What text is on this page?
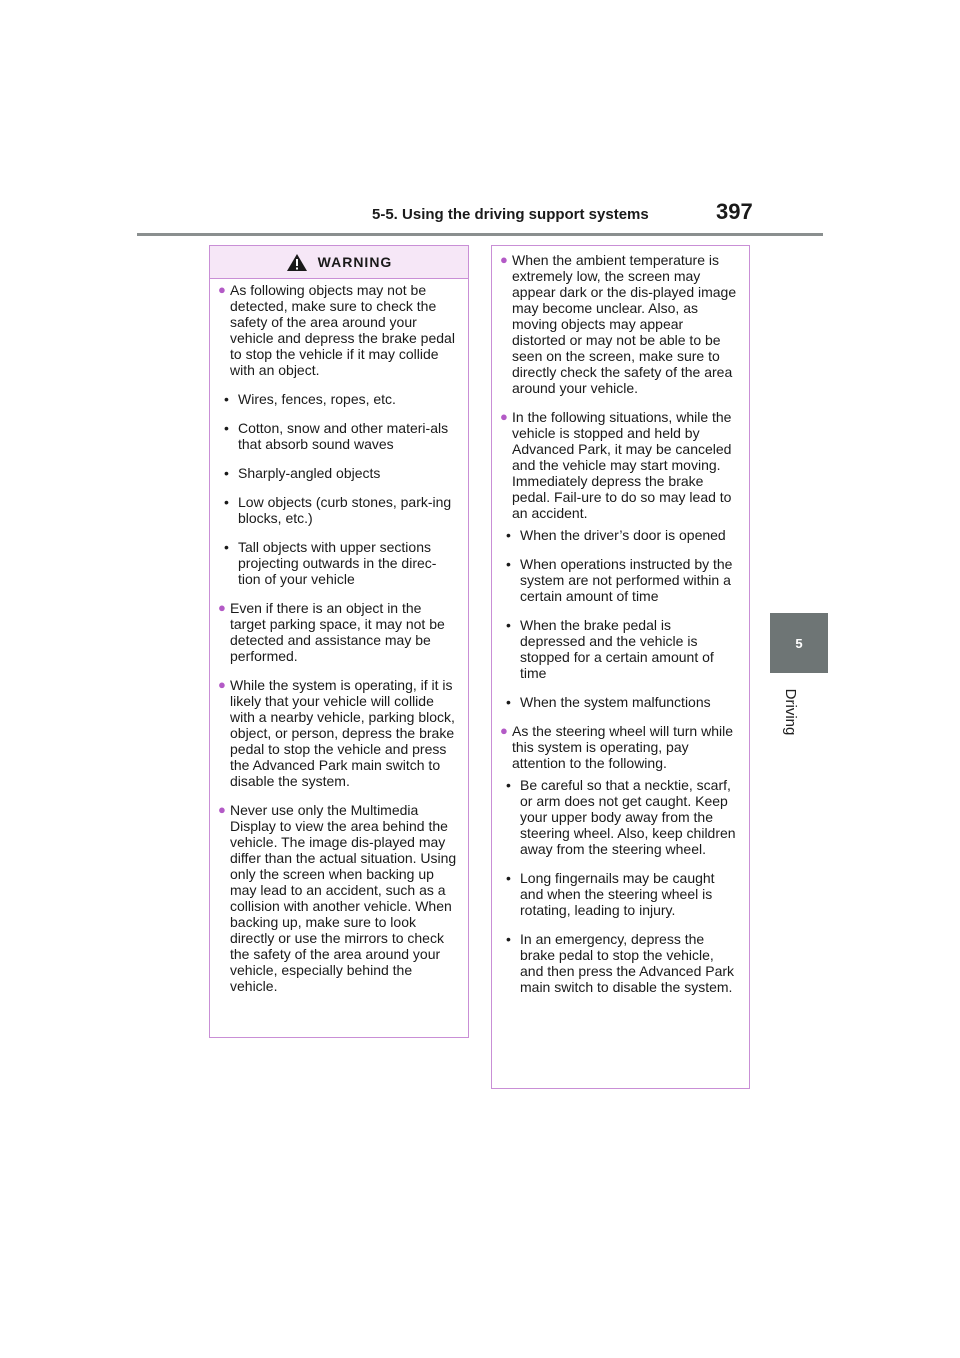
5-5. Using the driving support systems	397
5
Driving
WARNING
● As following objects may not be detected, make sure to check the safety of the area around your vehicle and depress the brake pedal to stop the vehicle if it may collide with an object.
• Wires, fences, ropes, etc.
• Cotton, snow and other materi-als that absorb sound waves
• Sharply-angled objects
• Low objects (curb stones, park-ing blocks, etc.)
• Tall objects with upper sections projecting outwards in the direc-tion of your vehicle
● Even if there is an object in the target parking space, it may not be detected and assistance may be performed.
● While the system is operating, if it is likely that your vehicle will collide with a nearby vehicle, parking block, object, or person, depress the brake pedal to stop the vehicle and press the Advanced Park main switch to disable the system.
● Never use only the Multimedia Display to view the area behind the vehicle. The image dis-played may differ than the actual situation. Using only the screen when backing up may lead to an accident, such as a collision with another vehicle. When backing up, make sure to look directly or use the mirrors to check the safety of the area around your vehicle, especially behind the vehicle.
● When the ambient temperature is extremely low, the screen may appear dark or the dis-played image may become unclear. Also, as moving objects may appear distorted or may not be able to be seen on the screen, make sure to directly check the safety of the area around your vehicle.
● In the following situations, while the vehicle is stopped and held by Advanced Park, it may be canceled and the vehicle may start moving. Immediately depress the brake pedal. Fail-ure to do so may lead to an accident.
• When the driver’s door is opened
• When operations instructed by the system are not performed within a certain amount of time
• When the brake pedal is depressed and the vehicle is stopped for a certain amount of time
• When the system malfunctions
● As the steering wheel will turn while this system is operating, pay attention to the following.
• Be careful so that a necktie, scarf, or arm does not get caught. Keep your upper body away from the steering wheel. Also, keep children away from the steering wheel.
• Long fingernails may be caught and when the steering wheel is rotating, leading to injury.
• In an emergency, depress the brake pedal to stop the vehicle, and then press the Advanced Park main switch to disable the system.
